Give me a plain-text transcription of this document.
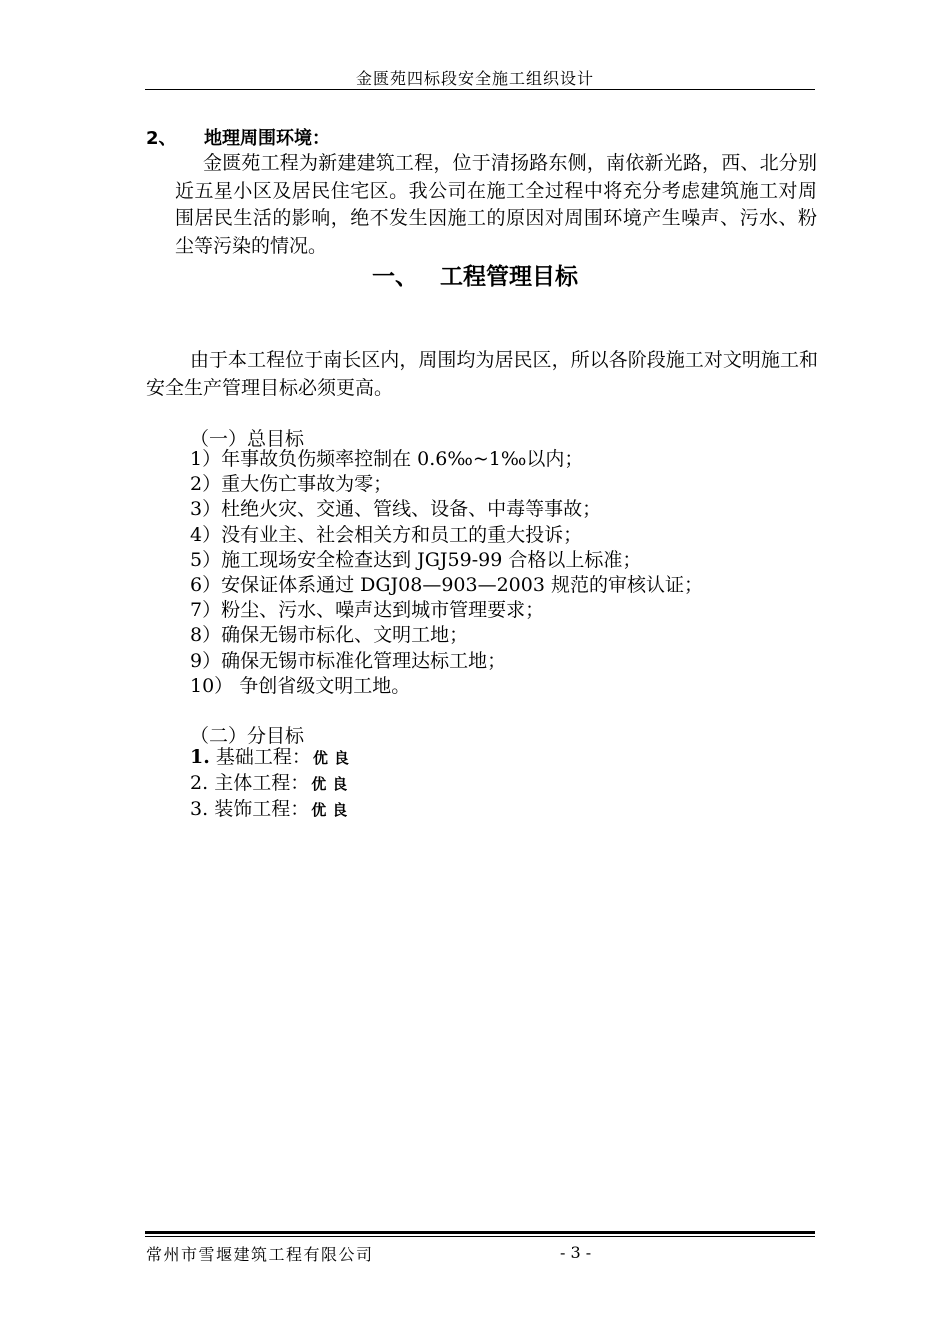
金匮苑四标段安全施工组织设计
2、 地理周围环境：
金匮苑工程为新建建筑工程，位于清扬路东侧，南依新光路，西、北分别近五星小区及居民住宅区。我公司在施工全过程中将充分考虑建筑施工对周围居民生活的影响，绝不发生因施工的原因对周围环境产生噪声、污水、粉尘等污染的情况。
一、 工程管理目标
由于本工程位于南长区内，周围均为居民区，所以各阶段施工对文明施工和安全生产管理目标必须更高。
（一）总目标
1）年事故负伤频率控制在 0.6‰~1‰以内；
2）重大伤亡事故为零；
3）杜绝火灾、交通、管线、设备、中毒等事故；
4）没有业主、社会相关方和员工的重大投诉；
5）施工现场安全检查达到 JGJ59-99 合格以上标准；
6）安保证体系通过 DGJ08—903—2003 规范的审核认证；
7）粉尘、污水、噪声达到城市管理要求；
8）确保无锡市标化、文明工地；
9）确保无锡市标准化管理达标工地；
10） 争创省级文明工地。
（二）分目标
1. 基础工程： 优良
2. 主体工程： 优良
3. 装饰工程： 优良
常州市雪堰建筑工程有限公司	- 3 -
